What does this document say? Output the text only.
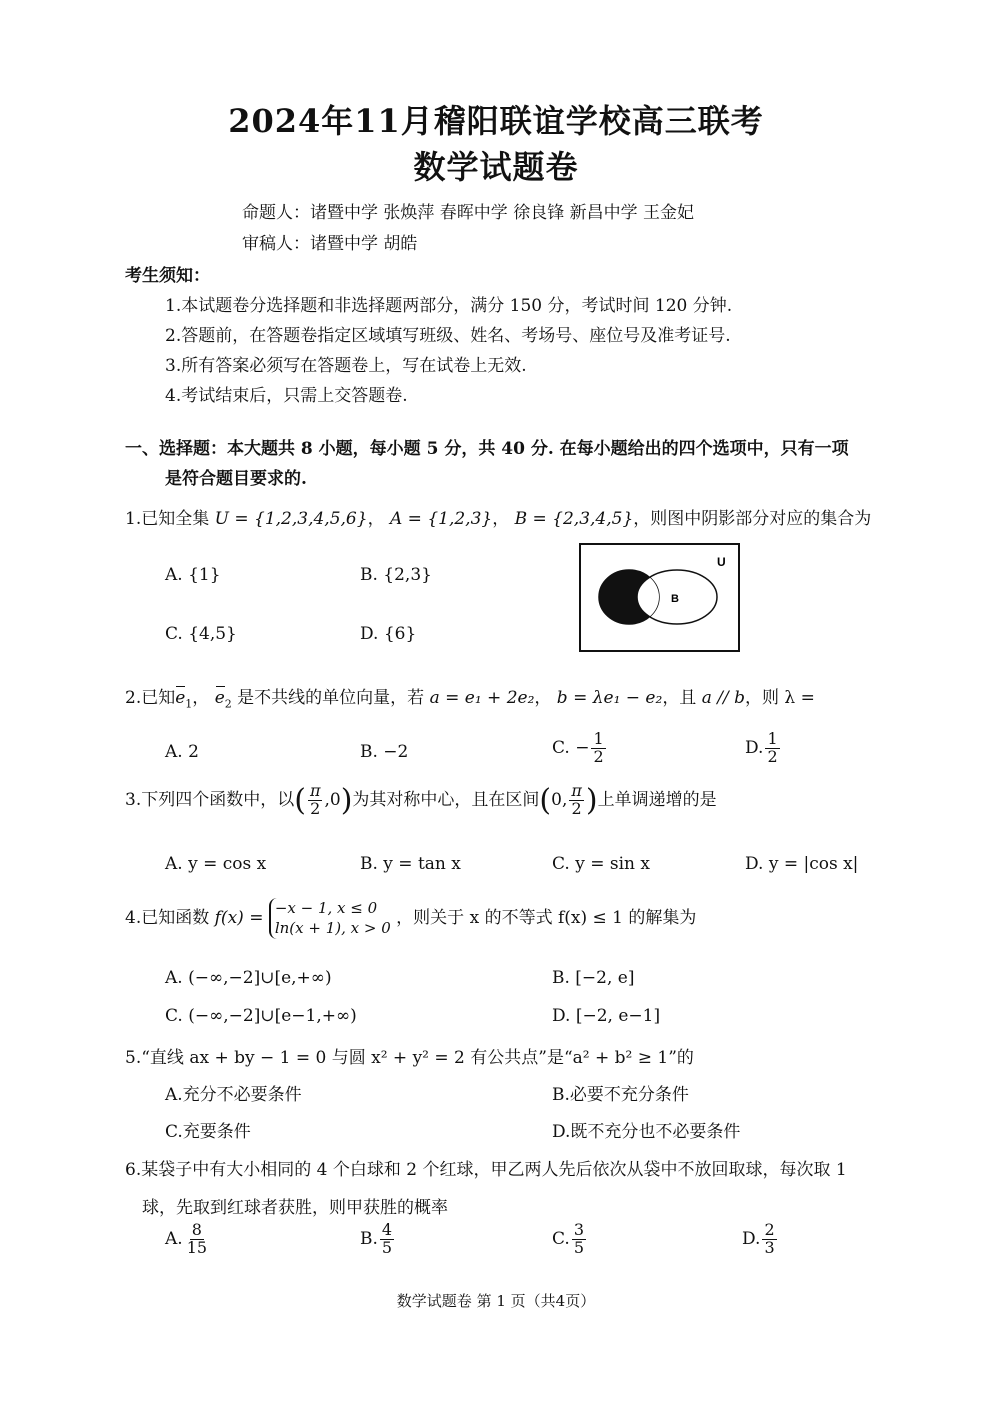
2024年11月稽阳联谊学校高三联考
数学试题卷
命题人：诸暨中学 张焕萍 春晖中学 徐良锋 新昌中学 王金妃
审稿人：诸暨中学 胡皓
考生须知：
1.本试题卷分选择题和非选择题两部分，满分 150 分，考试时间 120 分钟.
2.答题前，在答题卷指定区域填写班级、姓名、考场号、座位号及准考证号.
3.所有答案必须写在答题卷上，写在试卷上无效.
4.考试结束后，只需上交答题卷.
一、选择题：本大题共 8 小题，每小题 5 分，共 40 分. 在每小题给出的四个选项中，只有一项
是符合题目要求的.
1.已知全集 U = {1,2,3,4,5,6}， A = {1,2,3}， B = {2,3,4,5}，则图中阴影部分对应的集合为
A. {1}	B. {2,3}
C. {4,5}	D. {6}
U
B
2.已知$e_1$， $e_2$ 是不共线的单位向量，若 a = e₁ + 2e₂， b = λe₁ − e₂，且 a // b，则 λ =
A. 2	B. −2	C. − $\frac{1}{2}$	D. $\frac{1}{2}$
3.下列四个函数中，以( $\frac{\pi}{2} ,0$)为其对称中心，且在区间(0, $\frac{\pi}{2}$ )上单调递增的是
A. y = cos x	B. y = tan x	C. y = sin x	D. y = |cos x|
4.已知函数 f(x) = −x − 1, x ≤ 0
ln(x + 1), x > 0
，则关于 x 的不等式 f(x) ≤ 1 的解集为
A. (−∞,−2]∪[e,+∞)	B. [−2, e]
C. (−∞,−2]∪[e−1,+∞)	D. [−2, e−1]
5.“直线 ax + by − 1 = 0 与圆 x² + y² = 2 有公共点”是“a² + b² ≥ 1”的
A.充分不必要条件	B.必要不充分条件
C.充要条件	D.既不充分也不必要条件
6.某袋子中有大小相同的 4 个白球和 2 个红球，甲乙两人先后依次从袋中不放回取球，每次取 1
球，先取到红球者获胜，则甲获胜的概率
A. $\frac{8}{15}$	B. $\frac{4}{5}$	C. $\frac{3}{5}$	D. $\frac{2}{3}$
数学试题卷 第 1 页（共4页）
